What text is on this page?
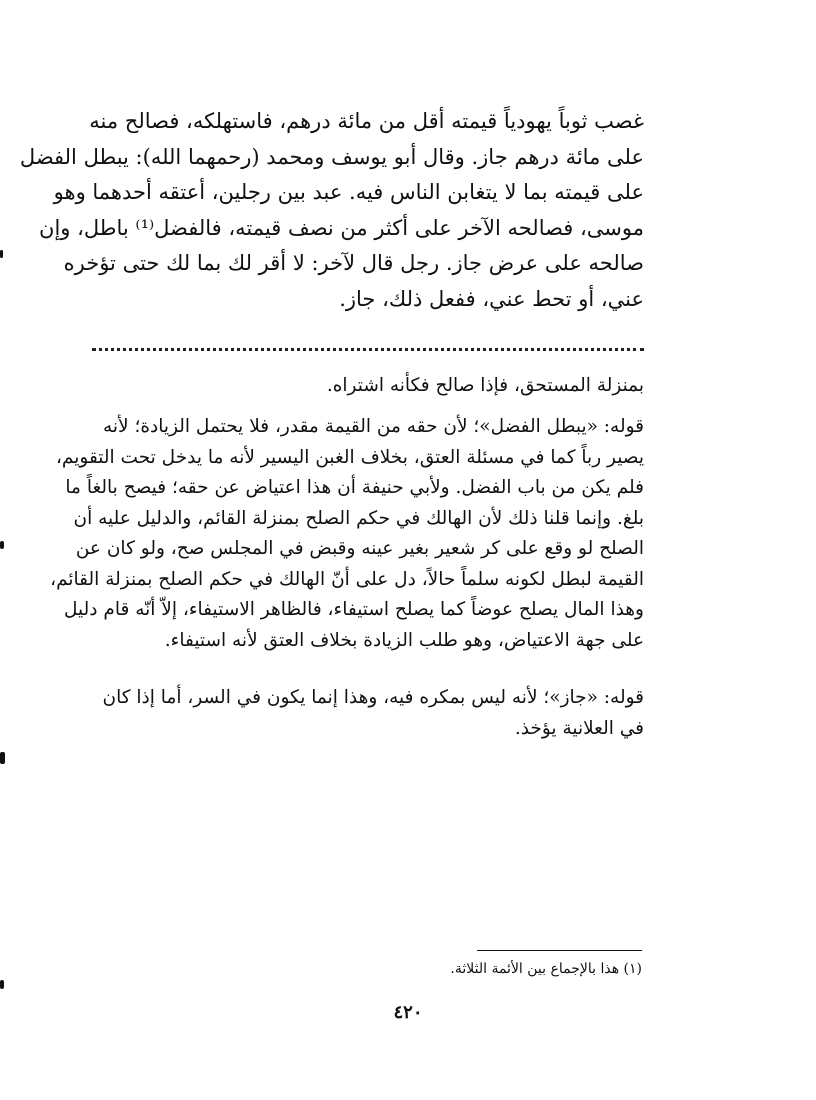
غصب ثوباً يهودياً قيمته أقل من مائة درهم، فاستهلكه، فصالح منه
على مائة درهم جاز. وقال أبو يوسف ومحمد (رحمهما الله): يبطل الفضل
على قيمته بما لا يتغابن الناس فيه. عبد بين رجلين، أعتقه أحدهما وهو
موسى، فصالحه الآخر على أكثر من نصف قيمته، فالفضل⁽¹⁾ باطل، وإن
صالحه على عرض جاز. رجل قال لآخر: لا أقر لك بما لك حتى تؤخره
عني، أو تحط عني، ففعل ذلك، جاز.
بمنزلة المستحق، فإذا صالح فكأنه اشتراه.
قوله: «يبطل الفضل»؛ لأن حقه من القيمة مقدر، فلا يحتمل الزيادة؛ لأنه
يصير رباً كما في مسئلة العتق، بخلاف الغبن اليسير لأنه ما يدخل تحت التقويم،
فلم يكن من باب الفضل. ولأبي حنيفة أن هذا اعتياض عن حقه؛ فيصح بالغاً ما
بلغ. وإنما قلنا ذلك لأن الهالك في حكم الصلح بمنزلة القائم، والدليل عليه أن
الصلح لو وقع على كر شعير بغير عينه وقبض في المجلس صح، ولو كان عن
القيمة لبطل لكونه سلماً حالاً، دل على أنّ الهالك في حكم الصلح بمنزلة القائم،
وهذا المال يصلح عوضاً كما يصلح استيفاء، فالظاهر الاستيفاء، إلاّ أنّه قام دليل
على جهة الاعتياض، وهو طلب الزيادة بخلاف العتق لأنه استيفاء.
قوله: «جاز»؛ لأنه ليس بمكره فيه، وهذا إنما يكون في السر، أما إذا كان
في العلانية يؤخذ.
(١) هذا بالإجماع بين الأئمة الثلاثة.
٤٢٠
